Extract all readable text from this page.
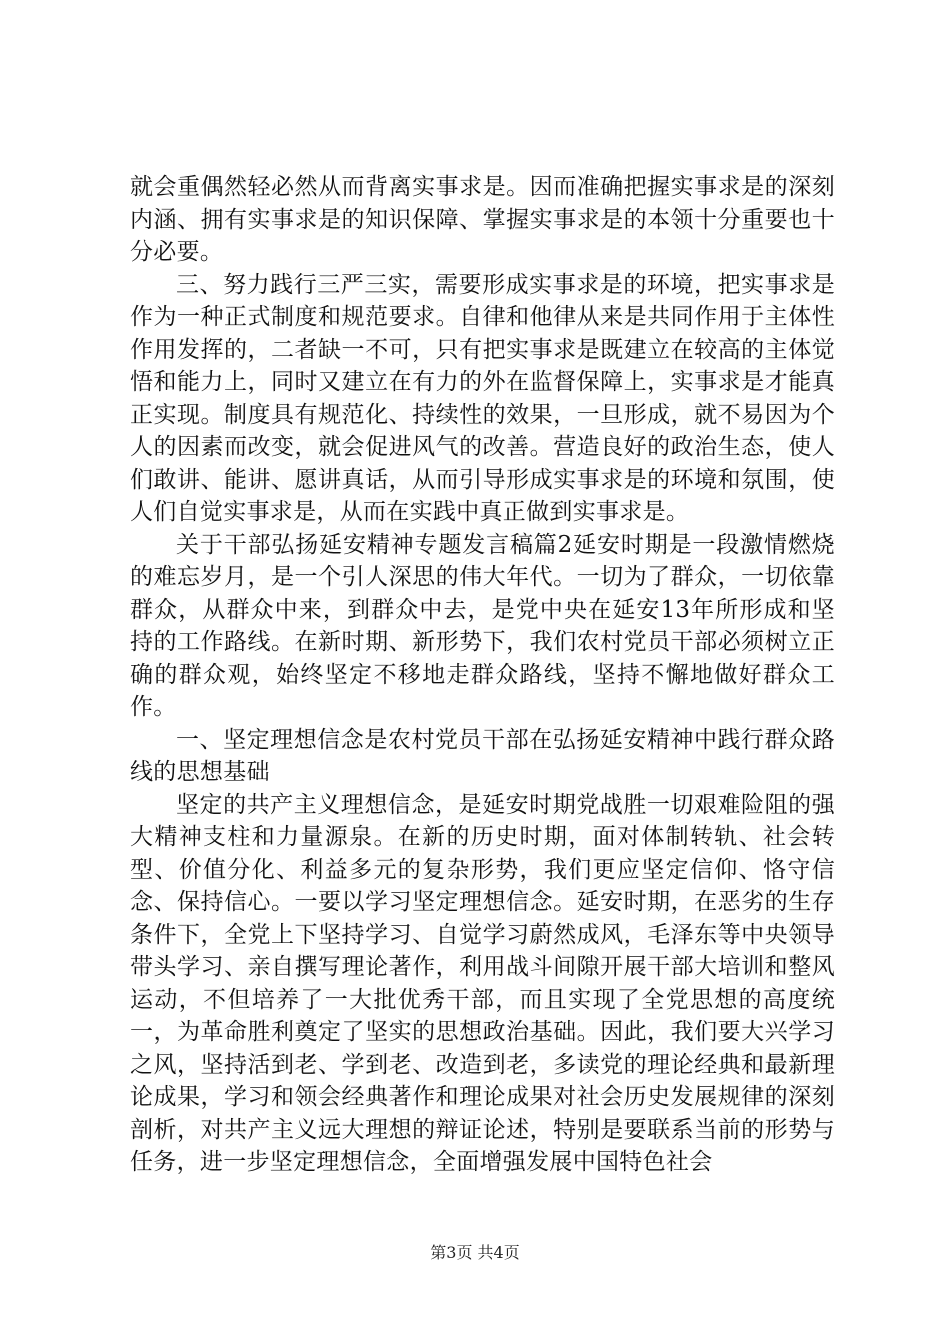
就会重偶然轻必然从而背离实事求是。因而准确把握实事求是的深刻内涵、拥有实事求是的知识保障、掌握实事求是的本领十分重要也十分必要。

三、努力践行三严三实，需要形成实事求是的环境，把实事求是作为一种正式制度和规范要求。自律和他律从来是共同作用于主体性作用发挥的，二者缺一不可，只有把实事求是既建立在较高的主体觉悟和能力上，同时又建立在有力的外在监督保障上，实事求是才能真正实现。制度具有规范化、持续性的效果，一旦形成，就不易因为个人的因素而改变，就会促进风气的改善。营造良好的政治生态，使人们敢讲、能讲、愿讲真话，从而引导形成实事求是的环境和氛围，使人们自觉实事求是，从而在实践中真正做到实事求是。

关于干部弘扬延安精神专题发言稿篇2延安时期是一段激情燃烧的难忘岁月，是一个引人深思的伟大年代。一切为了群众，一切依靠群众，从群众中来，到群众中去，是党中央在延安13年所形成和坚持的工作路线。在新时期、新形势下，我们农村党员干部必须树立正确的群众观，始终坚定不移地走群众路线，坚持不懈地做好群众工作。

一、坚定理想信念是农村党员干部在弘扬延安精神中践行群众路线的思想基础

坚定的共产主义理想信念，是延安时期党战胜一切艰难险阻的强大精神支柱和力量源泉。在新的历史时期，面对体制转轨、社会转型、价值分化、利益多元的复杂形势，我们更应坚定信仰、恪守信念、保持信心。一要以学习坚定理想信念。延安时期，在恶劣的生存条件下，全党上下坚持学习、自觉学习蔚然成风，毛泽东等中央领导带头学习、亲自撰写理论著作，利用战斗间隙开展干部大培训和整风运动，不但培养了一大批优秀干部，而且实现了全党思想的高度统一，为革命胜利奠定了坚实的思想政治基础。因此，我们要大兴学习之风，坚持活到老、学到老、改造到老，多读党的理论经典和最新理论成果，学习和领会经典著作和理论成果对社会历史发展规律的深刻剖析，对共产主义远大理想的辩证论述，特别是要联系当前的形势与任务，进一步坚定理想信念，全面增强发展中国特色社会

第3页 共4页
